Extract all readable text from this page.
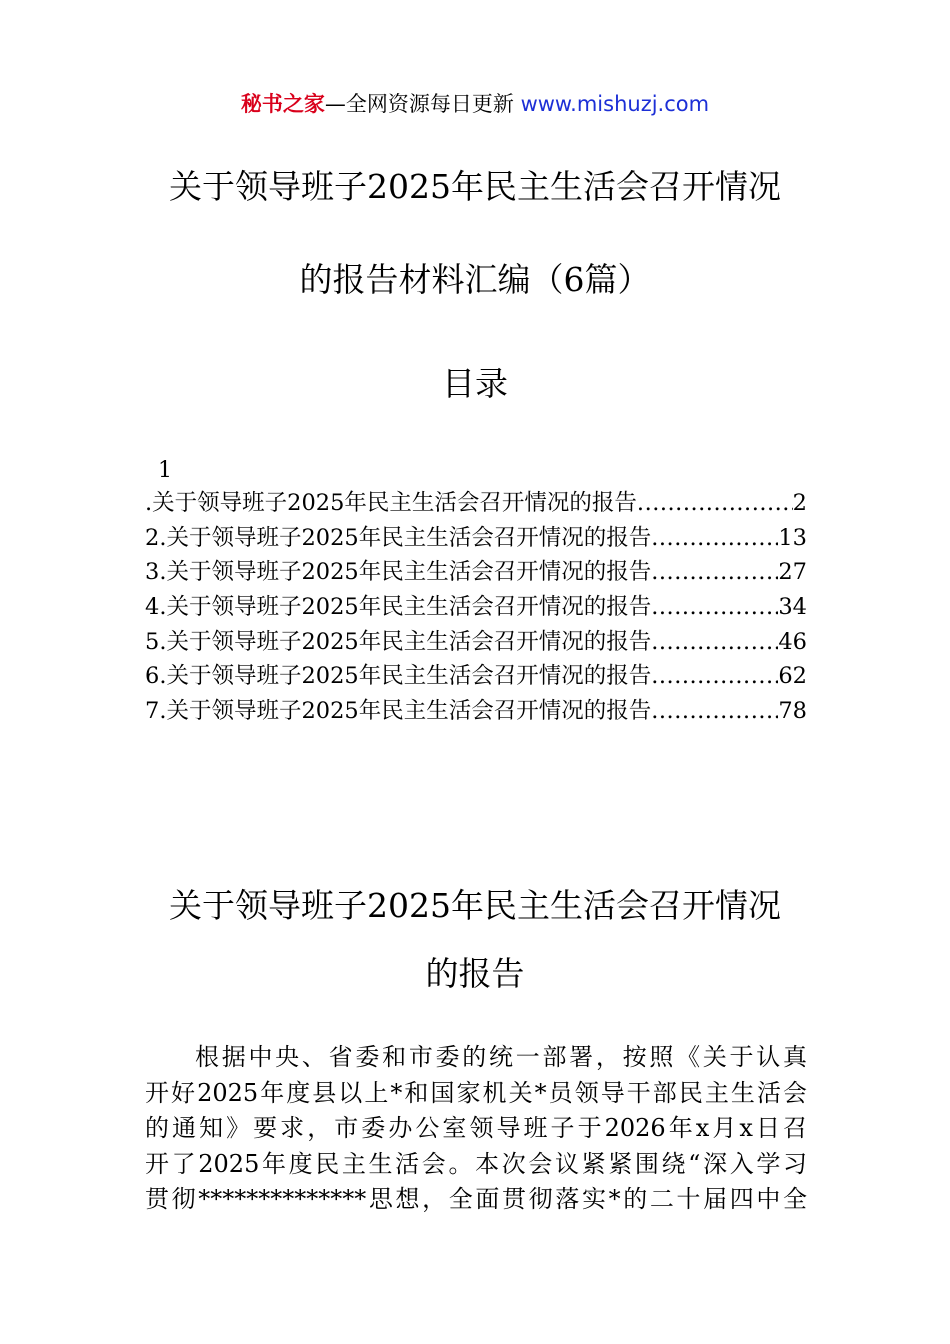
秘书之家—全网资源每日更新 www.mishuzj.com
关于领导班子2025年民主生活会召开情况
的报告材料汇编（6篇）
目录
1
.关于领导班子2025年民主生活会召开情况的报告 .....	2
2.关于领导班子2025年民主生活会召开情况的报告 .....	13
3.关于领导班子2025年民主生活会召开情况的报告 .....	27
4.关于领导班子2025年民主生活会召开情况的报告 .....	34
5.关于领导班子2025年民主生活会召开情况的报告 .....	46
6.关于领导班子2025年民主生活会召开情况的报告 .....	62
7.关于领导班子2025年民主生活会召开情况的报告 .....	78
关于领导班子2025年民主生活会召开情况
的报告
根据中央、省委和市委的统一部署，按照《关于认真
开好2025年度县以上*和国家机关*员领导干部民主生活会
的通知》要求，市委办公室领导班子于2026年x月x日召
开了2025年度民主生活会。本次会议紧紧围绕“深入学习
贯彻**************思想，全面贯彻落实*的二十届四中全
